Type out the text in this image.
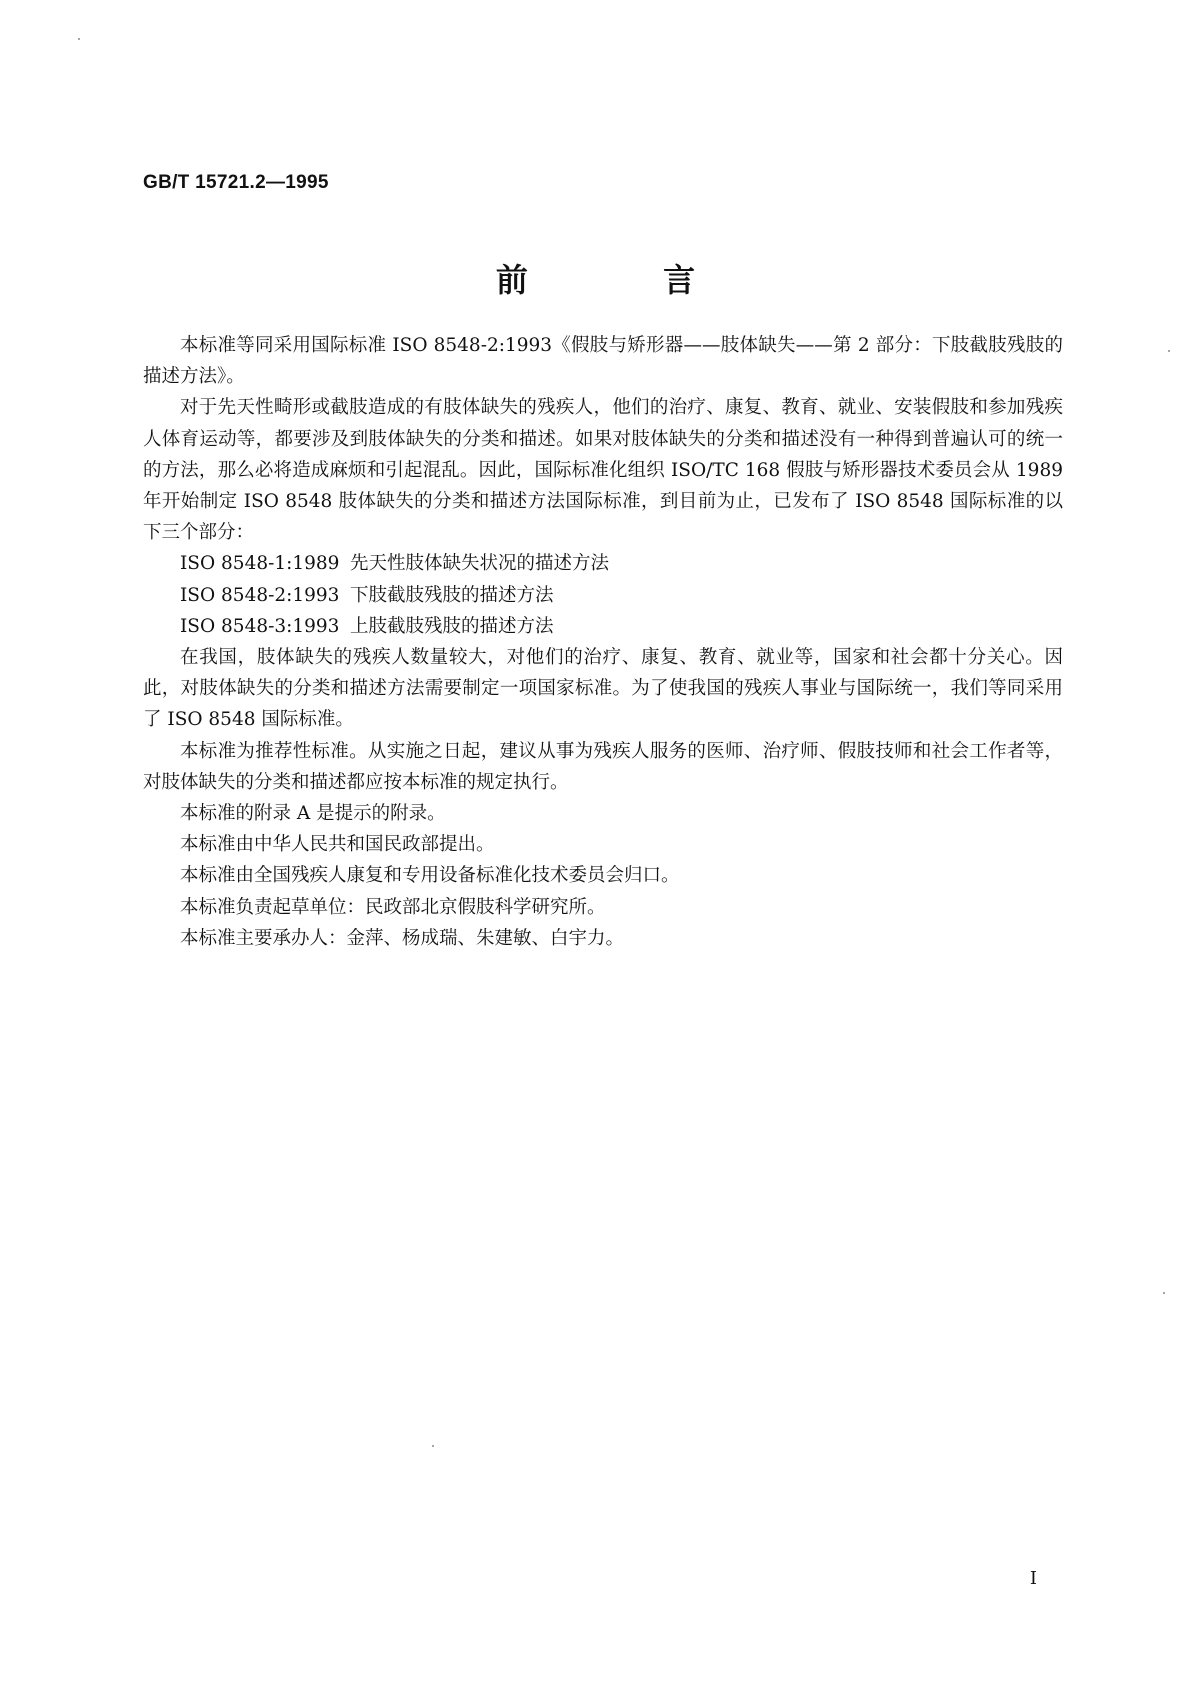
GB/T 15721.2—1995
前 言

本标准等同采用国际标准 ISO 8548-2:1993《假肢与矫形器——肢体缺失——第 2 部分：下肢截肢残肢的描述方法》。

对于先天性畸形或截肢造成的有肢体缺失的残疾人，他们的治疗、康复、教育、就业、安装假肢和参加残疾人体育运动等，都要涉及到肢体缺失的分类和描述。如果对肢体缺失的分类和描述没有一种得到普遍认可的统一的方法，那么必将造成麻烦和引起混乱。因此，国际标准化组织 ISO/TC 168 假肢与矫形器技术委员会从 1989 年开始制定 ISO 8548 肢体缺失的分类和描述方法国际标准，到目前为止，已发布了 ISO 8548 国际标准的以下三个部分：

ISO 8548-1:1989 先天性肢体缺失状况的描述方法

ISO 8548-2:1993 下肢截肢残肢的描述方法

ISO 8548-3:1993 上肢截肢残肢的描述方法

在我国，肢体缺失的残疾人数量较大，对他们的治疗、康复、教育、就业等，国家和社会都十分关心。因此，对肢体缺失的分类和描述方法需要制定一项国家标准。为了使我国的残疾人事业与国际统一，我们等同采用了 ISO 8548 国际标准。

本标准为推荐性标准。从实施之日起，建议从事为残疾人服务的医师、治疗师、假肢技师和社会工作者等，对肢体缺失的分类和描述都应按本标准的规定执行。

本标准的附录 A 是提示的附录。

本标准由中华人民共和国民政部提出。

本标准由全国残疾人康复和专用设备标准化技术委员会归口。

本标准负责起草单位：民政部北京假肢科学研究所。

本标准主要承办人：金萍、杨成瑞、朱建敏、白宇力。

I
